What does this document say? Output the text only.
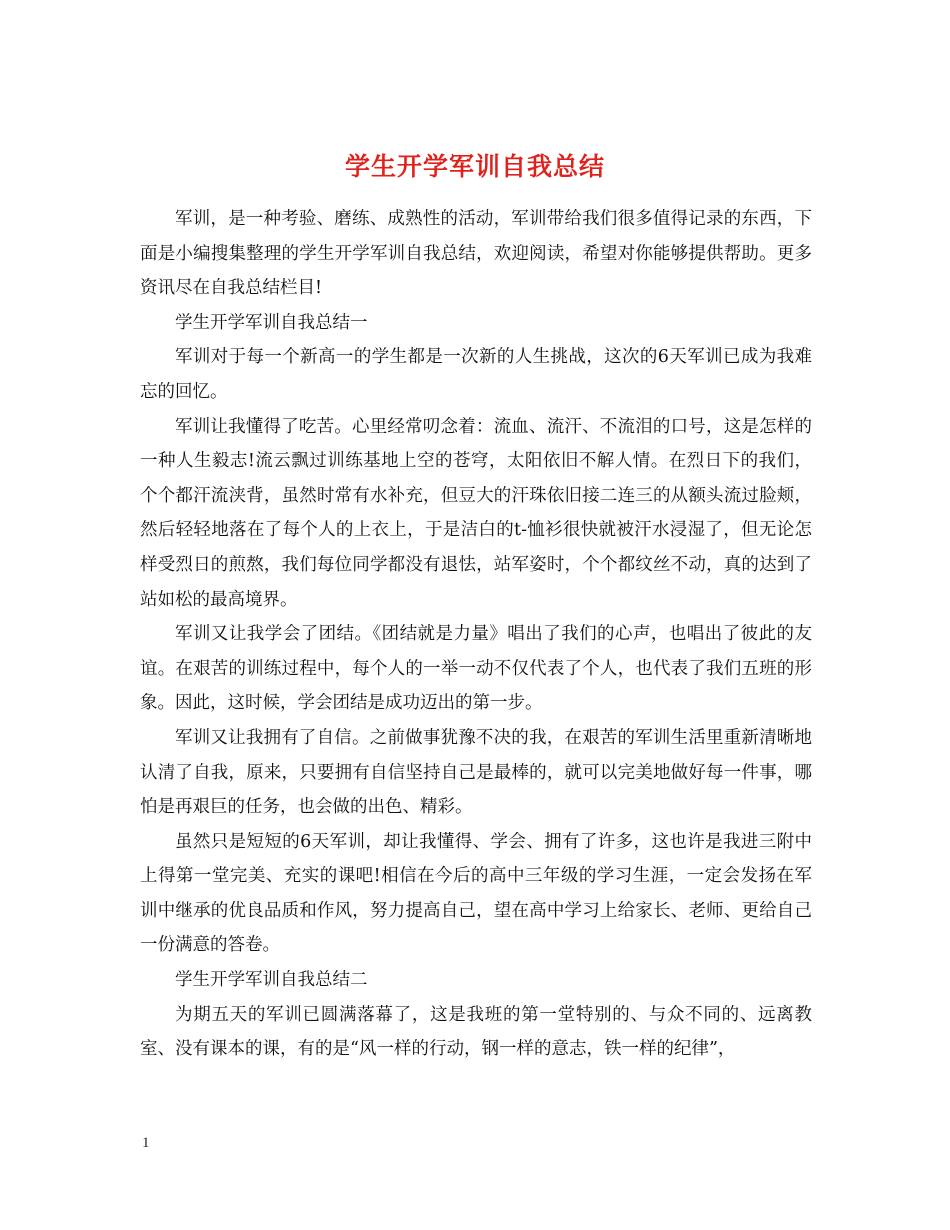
学生开学军训自我总结

军训，是一种考验、磨练、成熟性的活动，军训带给我们很多值得记录的东西，下面是小编搜集整理的学生开学军训自我总结，欢迎阅读，希望对你能够提供帮助。更多资讯尽在自我总结栏目!

学生开学军训自我总结一

军训对于每一个新高一的学生都是一次新的人生挑战，这次的6天军训已成为我难忘的回忆。

军训让我懂得了吃苦。心里经常叨念着：流血、流汗、不流泪的口号，这是怎样的一种人生毅志!流云飘过训练基地上空的苍穹，太阳依旧不解人情。在烈日下的我们，个个都汗流浃背，虽然时常有水补充，但豆大的汗珠依旧接二连三的从额头流过脸颊，然后轻轻地落在了每个人的上衣上，于是洁白的t-恤衫很快就被汗水浸湿了，但无论怎样受烈日的煎熬，我们每位同学都没有退怯，站军姿时，个个都纹丝不动，真的达到了站如松的最高境界。

军训又让我学会了团结。《团结就是力量》唱出了我们的心声，也唱出了彼此的友谊。在艰苦的训练过程中，每个人的一举一动不仅代表了个人，也代表了我们五班的形象。因此，这时候，学会团结是成功迈出的第一步。

军训又让我拥有了自信。之前做事犹豫不决的我，在艰苦的军训生活里重新清晰地认清了自我，原来，只要拥有自信坚持自己是最棒的，就可以完美地做好每一件事，哪怕是再艰巨的任务，也会做的出色、精彩。

虽然只是短短的6天军训，却让我懂得、学会、拥有了许多，这也许是我进三附中上得第一堂完美、充实的课吧!相信在今后的高中三年级的学习生涯，一定会发扬在军训中继承的优良品质和作风，努力提高自己，望在高中学习上给家长、老师、更给自己一份满意的答卷。

学生开学军训自我总结二

为期五天的军训已圆满落幕了，这是我班的第一堂特别的、与众不同的、远离教室、没有课本的课，有的是“风一样的行动，钢一样的意志，铁一样的纪律”，

1
